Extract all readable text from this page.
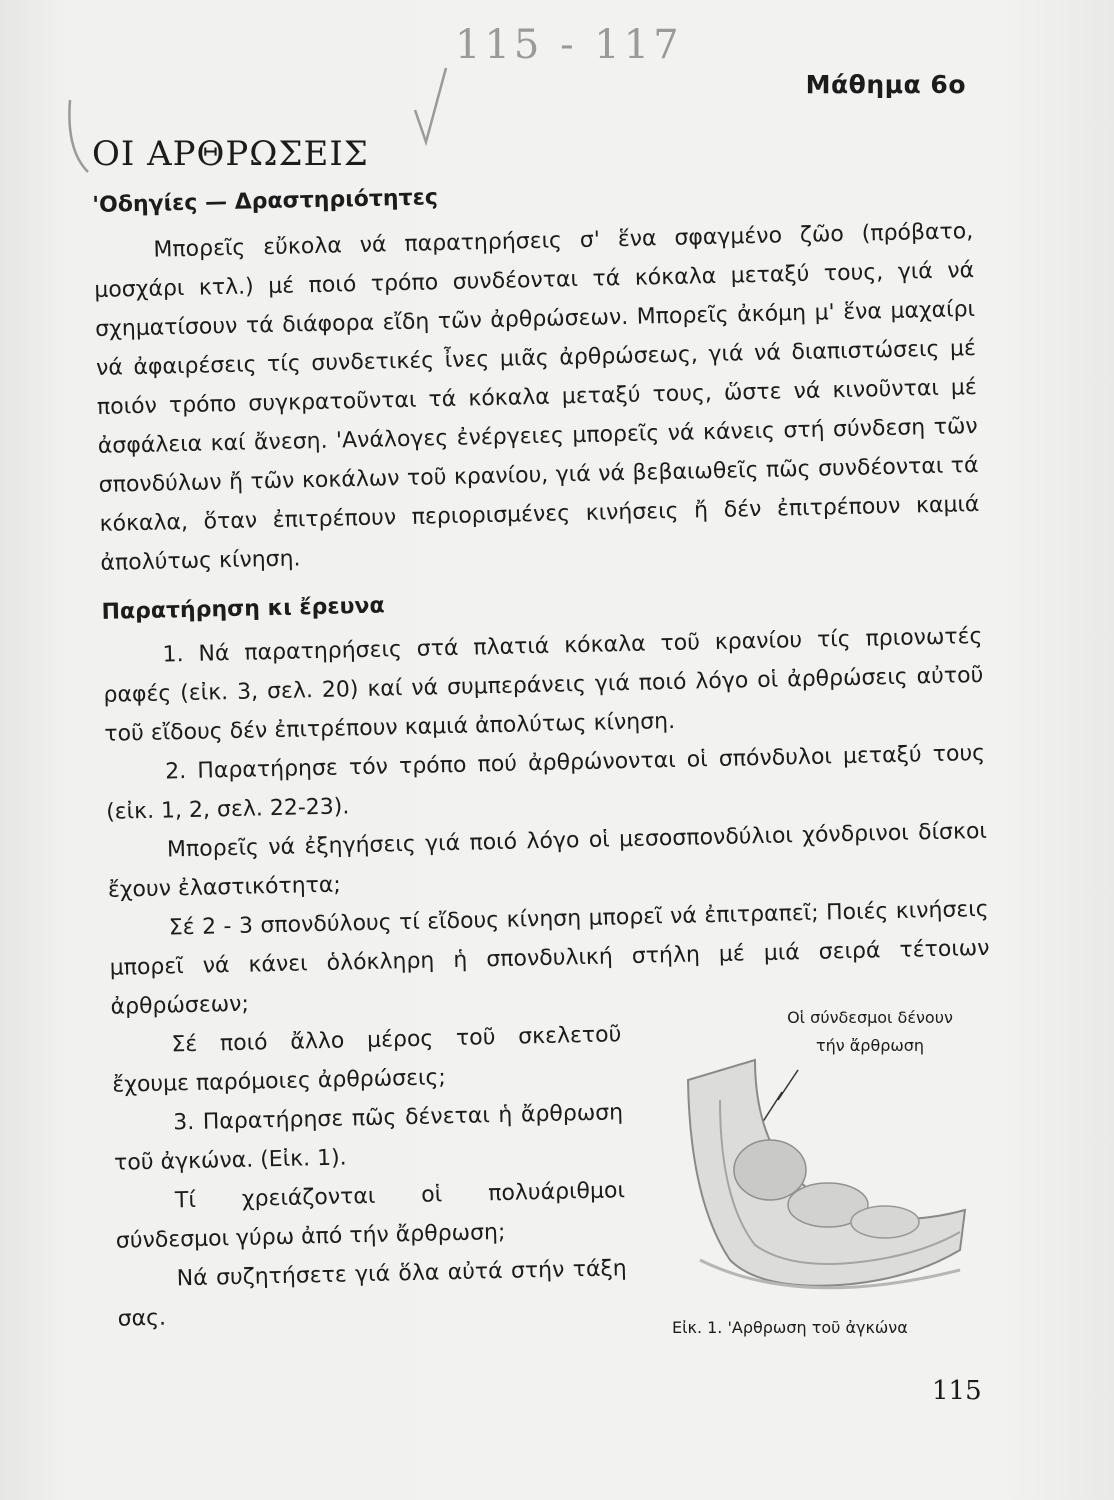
115 - 117
Μάθημα 6ο
ΟΙ ΑΡΘΡΩΣΕΙΣ
'Οδηγίες — Δραστηριότητες

Μπορεῖς εὔκολα νά παρατηρήσεις σ' ἕνα σφαγμένο ζῶο (πρόβατο, μοσχάρι κτλ.) μέ ποιό τρόπο συνδέονται τά κόκαλα μεταξύ τους, γιά νά σχηματίσουν τά διάφορα εἴδη τῶν ἀρθρώσεων. Μπορεῖς ἀκόμη μ' ἕνα μαχαίρι νά ἀφαιρέσεις τίς συνδετικές ἶνες μιᾶς ἀρθρώσεως, γιά νά διαπιστώσεις μέ ποιόν τρόπο συγκρατοῦνται τά κόκαλα μεταξύ τους, ὥστε νά κινοῦνται μέ ἀσφάλεια καί ἄνεση. 'Ανάλογες ἐνέργειες μπορεῖς νά κάνεις στή σύνδεση τῶν σπονδύλων ἤ τῶν κοκάλων τοῦ κρανίου, γιά νά βεβαιωθεῖς πῶς συνδέονται τά κόκαλα, ὅταν ἐπιτρέπουν περιορισμένες κινήσεις ἤ δέν ἐπιτρέπουν καμιά ἀπολύτως κίνηση.

Παρατήρηση κι ἔρευνα

1. Νά παρατηρήσεις στά πλατιά κόκαλα τοῦ κρανίου τίς πριονωτές ραφές (εἰκ. 3, σελ. 20) καί νά συμπεράνεις γιά ποιό λόγο οἱ ἀρθρώσεις αὐτοῦ τοῦ εἴδους δέν ἐπιτρέπουν καμιά ἀπολύτως κίνηση.

2. Παρατήρησε τόν τρόπο πού ἀρθρώνονται οἱ σπόνδυλοι μεταξύ τους (εἰκ. 1, 2, σελ. 22-23).

Μπορεῖς νά ἐξηγήσεις γιά ποιό λόγο οἱ μεσοσπονδύλιοι χόνδρινοι δίσκοι ἔχουν ἐλαστικότητα;

Σέ 2 - 3 σπονδύλους τί εἴδους κίνηση μπορεῖ νά ἐπιτραπεῖ; Ποιές κινήσεις μπορεῖ νά κάνει ὁλόκληρη ἡ σπονδυλική στήλη μέ μιά σειρά τέτοιων ἀρθρώσεων;

Σέ ποιό ἄλλο μέρος τοῦ σκελετοῦ ἔχουμε παρόμοιες ἀρθρώσεις;

3. Παρατήρησε πῶς δένεται ἡ ἄρθρωση τοῦ ἀγκώνα. (Εἰκ. 1).

Τί χρειάζονται οἱ πολυάριθμοι σύνδεσμοι γύρω ἀπό τήν ἄρθρωση;

Νά συζητήσετε γιά ὅλα αὐτά στήν τάξη σας.

Οἱ σύνδεσμοι δένουν
τήν ἄρθρωση
Εἰκ. 1. 'Αρθρωση τοῦ ἀγκώνα
115
